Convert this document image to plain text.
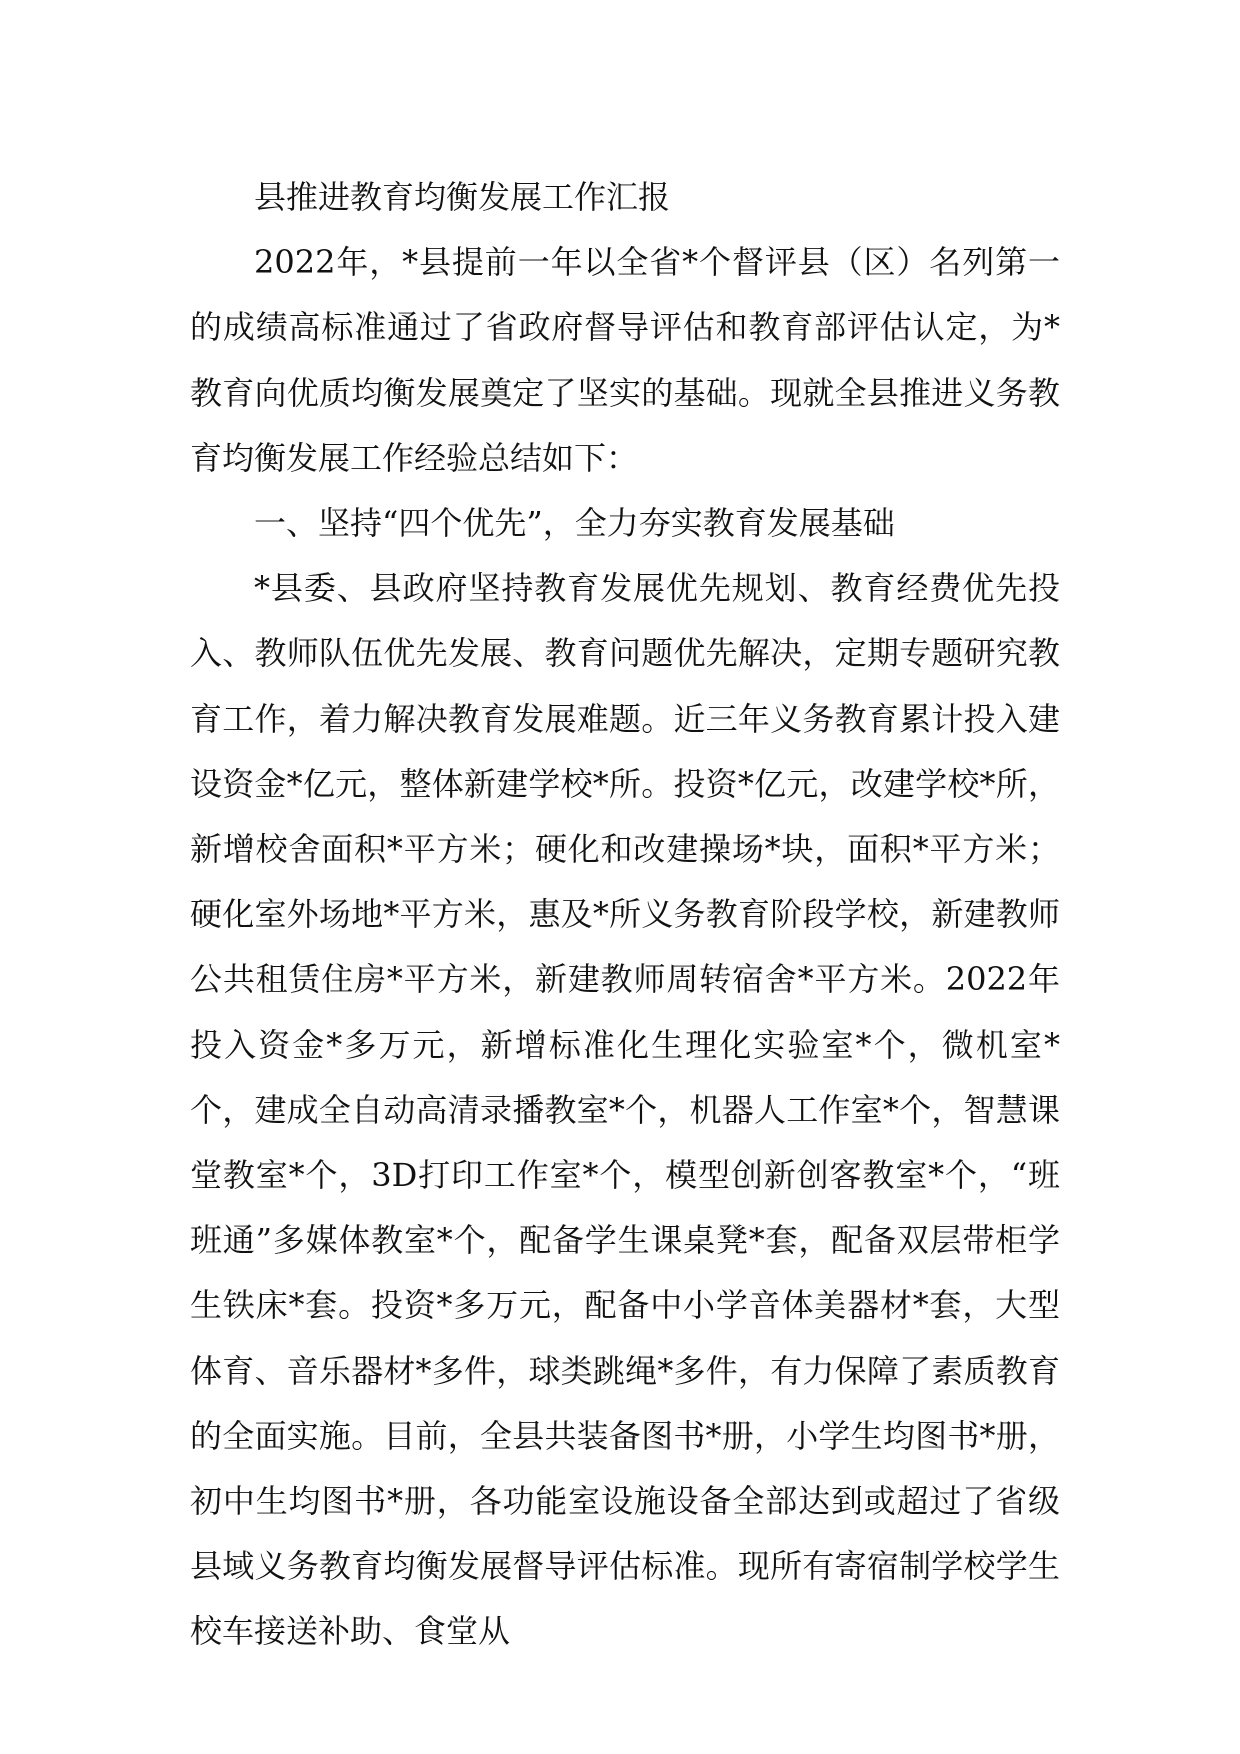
县推进教育均衡发展工作汇报

2022年，*县提前一年以全省*个督评县（区）名列第一的成绩高标准通过了省政府督导评估和教育部评估认定，为*教育向优质均衡发展奠定了坚实的基础。现就全县推进义务教育均衡发展工作经验总结如下：

一、坚持“四个优先”，全力夯实教育发展基础

*县委、县政府坚持教育发展优先规划、教育经费优先投入、教师队伍优先发展、教育问题优先解决，定期专题研究教育工作，着力解决教育发展难题。近三年义务教育累计投入建设资金*亿元，整体新建学校*所。投资*亿元，改建学校*所，新增校舍面积*平方米；硬化和改建操场*块，面积*平方米；硬化室外场地*平方米，惠及*所义务教育阶段学校，新建教师公共租赁住房*平方米，新建教师周转宿舍*平方米。2022年投入资金*多万元，新增标准化生理化实验室*个，微机室*个，建成全自动高清录播教室*个，机器人工作室*个，智慧课堂教室*个，3D打印工作室*个，模型创新创客教室*个，“班班通”多媒体教室*个，配备学生课桌凳*套，配备双层带柜学生铁床*套。投资*多万元，配备中小学音体美器材*套，大型体育、音乐器材*多件，球类跳绳*多件，有力保障了素质教育的全面实施。目前，全县共装备图书*册，小学生均图书*册，初中生均图书*册，各功能室设施设备全部达到或超过了省级县域义务教育均衡发展督导评估标准。现所有寄宿制学校学生校车接送补助、食堂从
